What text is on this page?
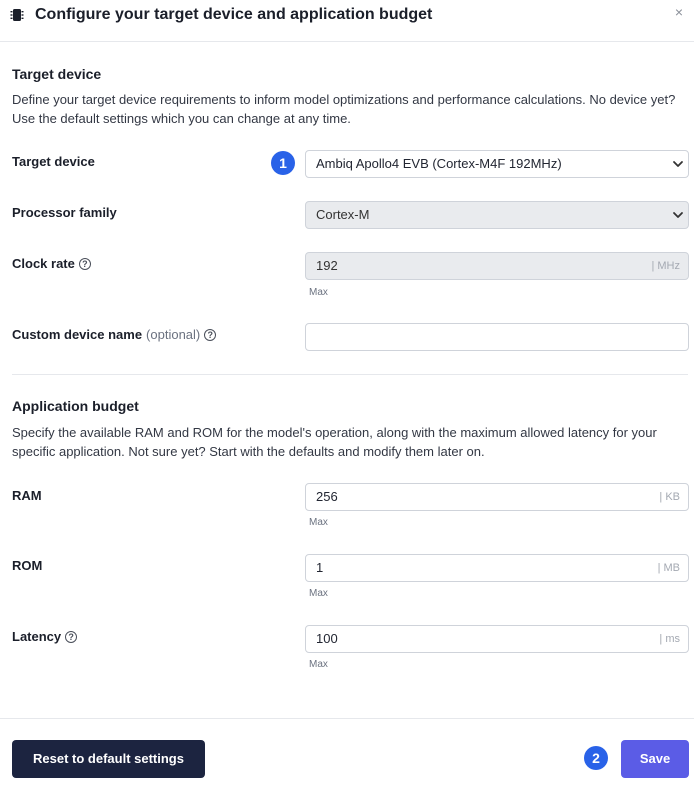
Configure your target device and application budget	×
Target device
Define your target device requirements to inform model optimizations and performance calculations. No device yet? Use the default settings which you can change at any time.
Target device	1	Ambiq Apollo4 EVB (Cortex-M4F 192MHz)
Processor family	Cortex-M
Clock rate ?	192	| MHz
Max
Custom device name (optional) ?
Application budget
Specify the available RAM and ROM for the model's operation, along with the maximum allowed latency for your specific application. Not sure yet? Start with the defaults and modify them later on.
RAM	256	| KB
Max
ROM	1	| MB
Max
Latency ?	100	| ms
Max
Reset to default settings	2	Save
